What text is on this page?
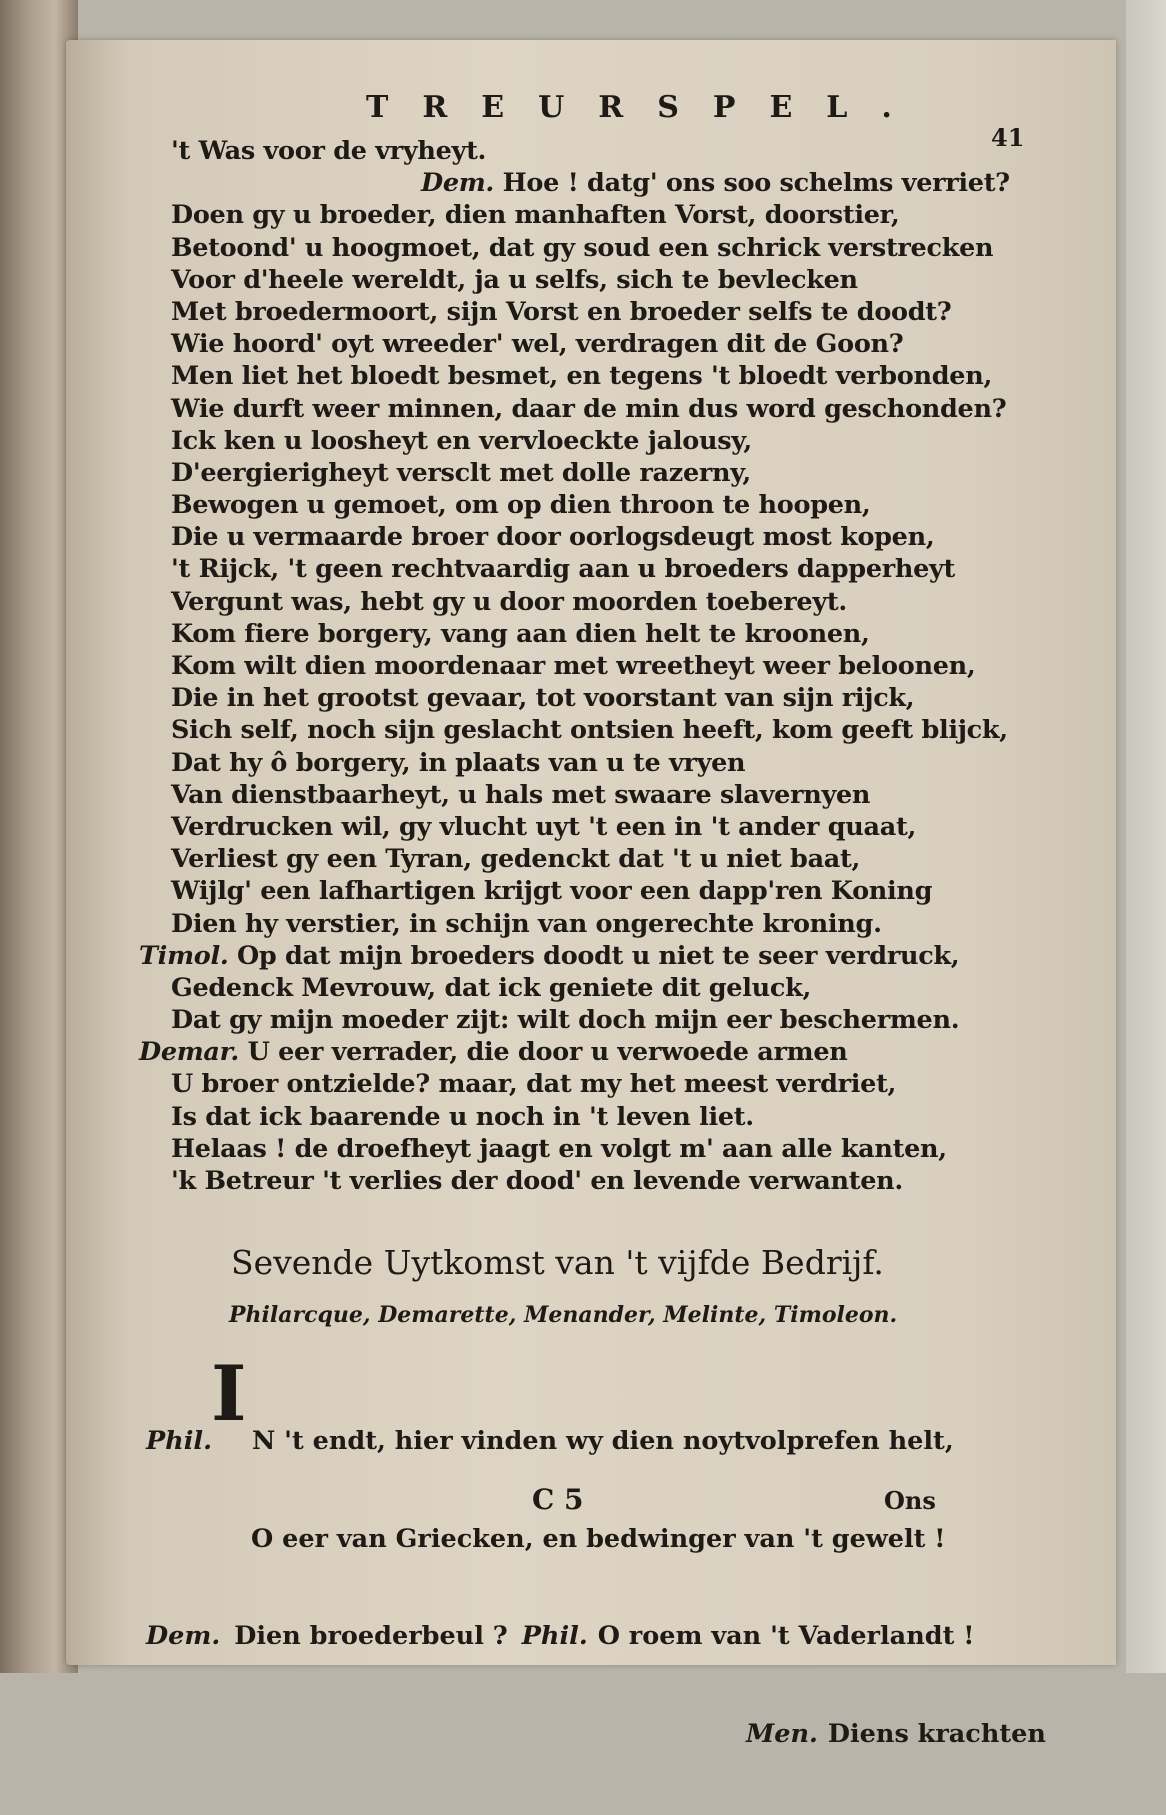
TREURSPEL.
41
't Was voor de vryheyt.
Dem. Hoe ! datg' ons soo schelms verriet?
Doen gy u broeder, dien manhaften Vorst, doorstier,
Betoond' u hoogmoet, dat gy soud een schrick verstrecken
Voor d'heele wereldt, ja u selfs, sich te bevlecken
Met broedermoort, sijn Vorst en broeder selfs te doodt?
Wie hoord' oyt wreeder' wel, verdragen dit de Goon?
Men liet het bloedt besmet, en tegens 't bloedt verbonden,
Wie durft weer minnen, daar de min dus word geschonden?
Ick ken u loosheyt en vervloeckte jalousy,
D'eergierigheyt versclt met dolle razerny,
Bewogen u gemoet, om op dien throon te hoopen,
Die u vermaarde broer door oorlogsdeugt most kopen,
't Rijck, 't geen rechtvaardig aan u broeders dapperheyt
Vergunt was, hebt gy u door moorden toebereyt.
Kom fiere borgery, vang aan dien helt te kroonen,
Kom wilt dien moordenaar met wreetheyt weer beloonen,
Die in het grootst gevaar, tot voorstant van sijn rijck,
Sich self, noch sijn geslacht ontsien heeft, kom geeft blijck,
Dat hy ô borgery, in plaats van u te vryen
Van dienstbaarheyt, u hals met swaare slavernyen
Verdrucken wil, gy vlucht uyt 't een in 't ander quaat,
Verliest gy een Tyran, gedenckt dat 't u niet baat,
Wijlg' een lafhartigen krijgt voor een dapp'ren Koning
Dien hy verstier, in schijn van ongerechte kroning.
Timol. Op dat mijn broeders doodt u niet te seer verdruck,
Gedenck Mevrouw, dat ick geniete dit geluck,
Dat gy mijn moeder zijt: wilt doch mijn eer beschermen.
Demar. U eer verrader, die door u verwoede armen
U broer ontzielde? maar, dat my het meest verdriet,
Is dat ick baarende u noch in 't leven liet.
Helaas ! de droefheyt jaagt en volgt m' aan alle kanten,
'k Betreur 't verlies der dood' en levende verwanten.
Sevende Uytkomst van 't vijfde Bedrijf.
Philarcque, Demarette, Menander, Melinte, Timoleon.
I

Phil. N 't endt, hier vinden wy dien noytvolprefen helt,

O eer van Griecken, en bedwinger van 't gewelt !

Dem. Dien broederbeul ? Phil. O roem van 't Vaderlandt !

Men. Diens krachten

C 5	Ons
